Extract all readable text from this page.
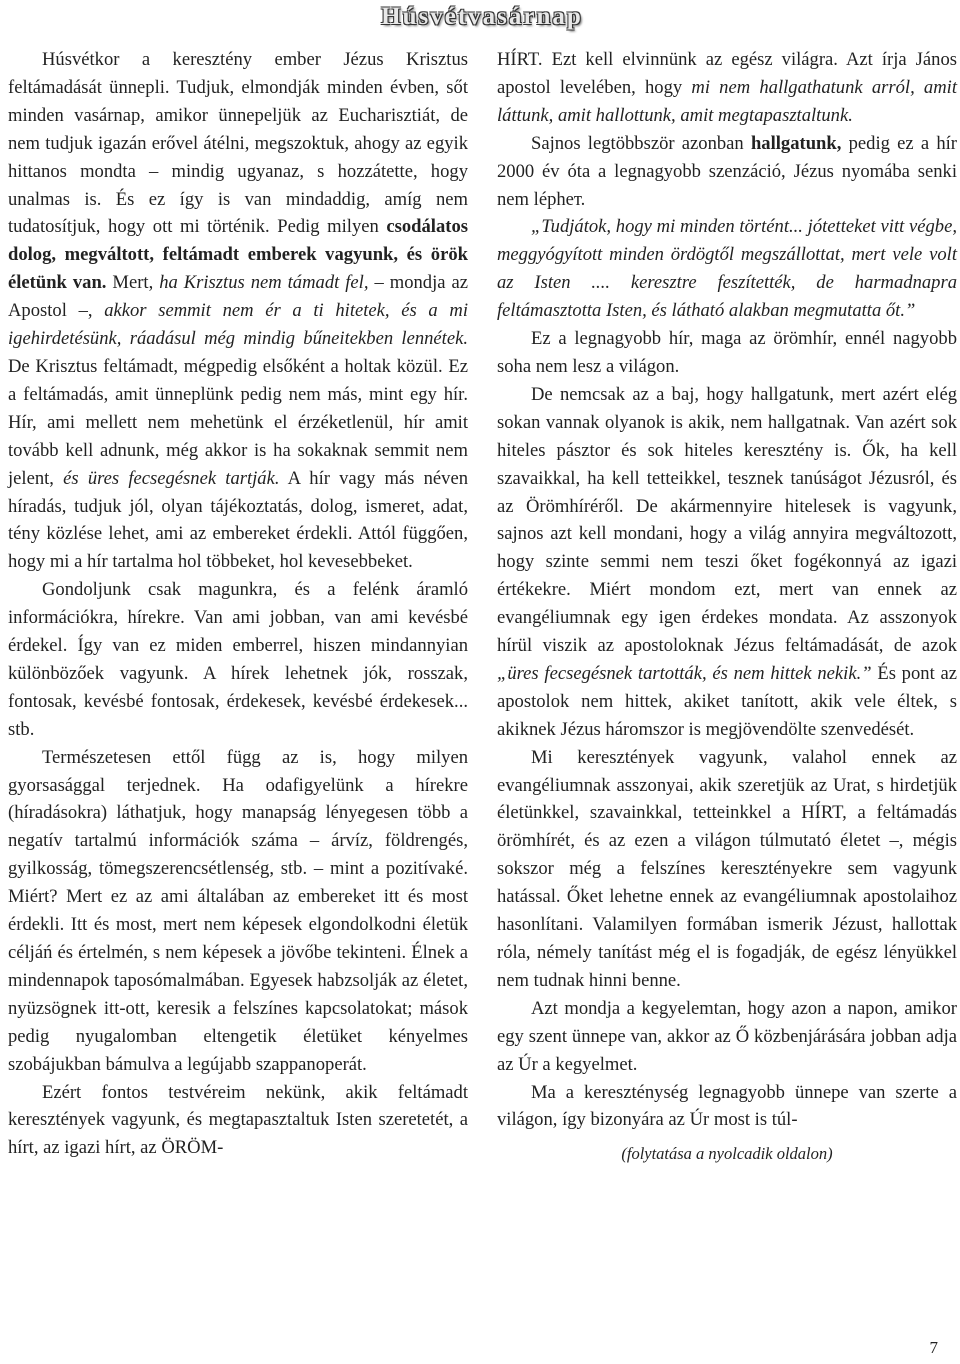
Húsvétvasárnap

Húsvétkor a keresztény ember Jézus Krisztus feltámadását ünnepli. Tudjuk, elmondják minden évben, sőt minden vasárnap, amikor ünnepeljük az Eucharisztiát, de nem tudjuk igazán erővel átélni, megszoktuk, ahogy az egyik hittanos mondta – mindig ugyanaz, s hozzátette, hogy unalmas is. És ez így is van mindaddig, amíg nem tudatosítjuk, hogy ott mi történik. Pedig milyen csodálatos dolog, megváltott, feltámadt emberek vagyunk, és örök életünk van. Mert, ha Krisztus nem támadt fel, – mondja az Apostol –, akkor semmit nem ér a ti hitetek, és a mi igehirdetésünk, ráadásul még mindig bűneitekben lennétek. De Krisztus feltámadt, mégpedig elsőként a holtak közül. Ez a feltámadás, amit ünneplünk pedig nem más, mint egy hír. Hír, ami mellett nem mehetünk el érzéketlenül, hír amit tovább kell adnunk, még akkor is ha sokaknak semmit nem jelent, és üres fecsegésnek tartják. A hír vagy más néven híradás, tudjuk jól, olyan tájékoztatás, dolog, ismeret, adat, tény közlése lehet, ami az embereket érdekli. Attól függően, hogy mi a hír tartalma hol többeket, hol kevesebbeket.

Gondoljunk csak magunkra, és a felénk áramló információkra, hírekre. Van ami jobban, van ami kevésbé érdekel. Így van ez miden emberrel, hiszen mindannyian különbözőek vagyunk. A hírek lehetnek jók, rosszak, fontosak, kevésbé fontosak, érdekesek, kevésbé érdekesek... stb.

Természetesen ettől függ az is, hogy milyen gyorsasággal terjednek. Ha odafigyelünk a hírekre (híradásokra) láthatjuk, hogy manapság lényegesen több a negatív tartalmú információk száma – árvíz, földrengés, gyilkosság, tömegszerencsétlenség, stb. – mint a pozitívaké. Miért? Mert ez az ami általában az embereket itt és most érdekli. Itt és most, mert nem képesek elgondolkodni életük céljáń és értelmén, s nem képesek a jövőbe tekinteni. Élnek a mindennapok taposómalmában. Egyesek habzsolják az életet, nyüzsögnek itt-ott, keresik a felszínes kapcsolatokat; mások pedig nyugalomban eltengetik életüket kényelmes szobájukban bámulva a legújabb szappanoperát.

Ezért fontos testvéreim nekünk, akik feltámadt keresztények vagyunk, és megtapasztaltuk Isten szeretetét, a hírt, az igazi hírt, az ÖRÖM-

HÍRT. Ezt kell elvinnünk az egész világra. Azt írja János apostol levelében, hogy mi nem hallgathatunk arról, amit láttunk, amit hallottunk, amit megtapasztaltunk.

Sajnos legtöbbször azonban hallgatunk, pedig ez a hír 2000 év óta a legnagyobb szenzáció, Jézus nyomába senki nem lépheт.

„Tudjátok, hogy mi minden történt... jótetteket vitt végbe, meggyógyított minden ördögtől megszállottat, mert vele volt az Isten .... keresztre feszítették, de harmadnapra feltámasztotta Isten, és látható alakban megmutatta őt.”

Ez a legnagyobb hír, maga az örömhír, ennél nagyobb soha nem lesz a világon.

De nemcsak az a baj, hogy hallgatunk, mert azért elég sokan vannak olyanok is akik, nem hallgatnak. Van azért sok hiteles pásztor és sok hiteles keresztény is. Ők, ha kell szavaikkal, ha kell tetteikkel, tesznek tanúságot Jézusról, és az Örömhíréről. De akármennyire hitelesek is vagyunk, sajnos azt kell mondani, hogy a világ annyira megváltozott, hogy szinte semmi nem teszi őket fogékonnyá az igazi értékekre. Miért mondom ezt, mert van ennek az evangéliumnak egy igen érdekes mondata. Az asszonyok hírül viszik az apostoloknak Jézus feltámadását, de azok „üres fecsegésnek tartották, és nem hittek nekik.” És pont az apostolok nem hittek, akiket tanított, akik vele éltek, s akiknek Jézus háromszor is megjövendölte szenvedését.

Mi keresztények vagyunk, valahol ennek az evangéliumnak asszonyai, akik szeretjük az Urat, s hirdetjük életünkkel, szavainkkal, tetteinkkel a HÍRT, a feltámadás örömhírét, és az ezen a világon túlmutató életet –, mégis sokszor még a felszínes keresztényekre sem vagyunk hatással. Őket lehetne ennek az evangéliumnak apostolaihoz hasonlítani. Valamilyen formában ismerik Jézust, hallottak róla, némely tanítást még el is fogadják, de egész lényükkel nem tudnak hinni benne.

Azt mondja a kegyelemtan, hogy azon a napon, amikor egy szent ünnepe van, akkor az Ő közbenjárására jobban adja az Úr a kegyelmet.

Ma a kereszténység legnagyobb ünnepe van szerte a világon, így bizonyára az Úr most is túl-

(folytatása a nyolcadik oldalon)

7
